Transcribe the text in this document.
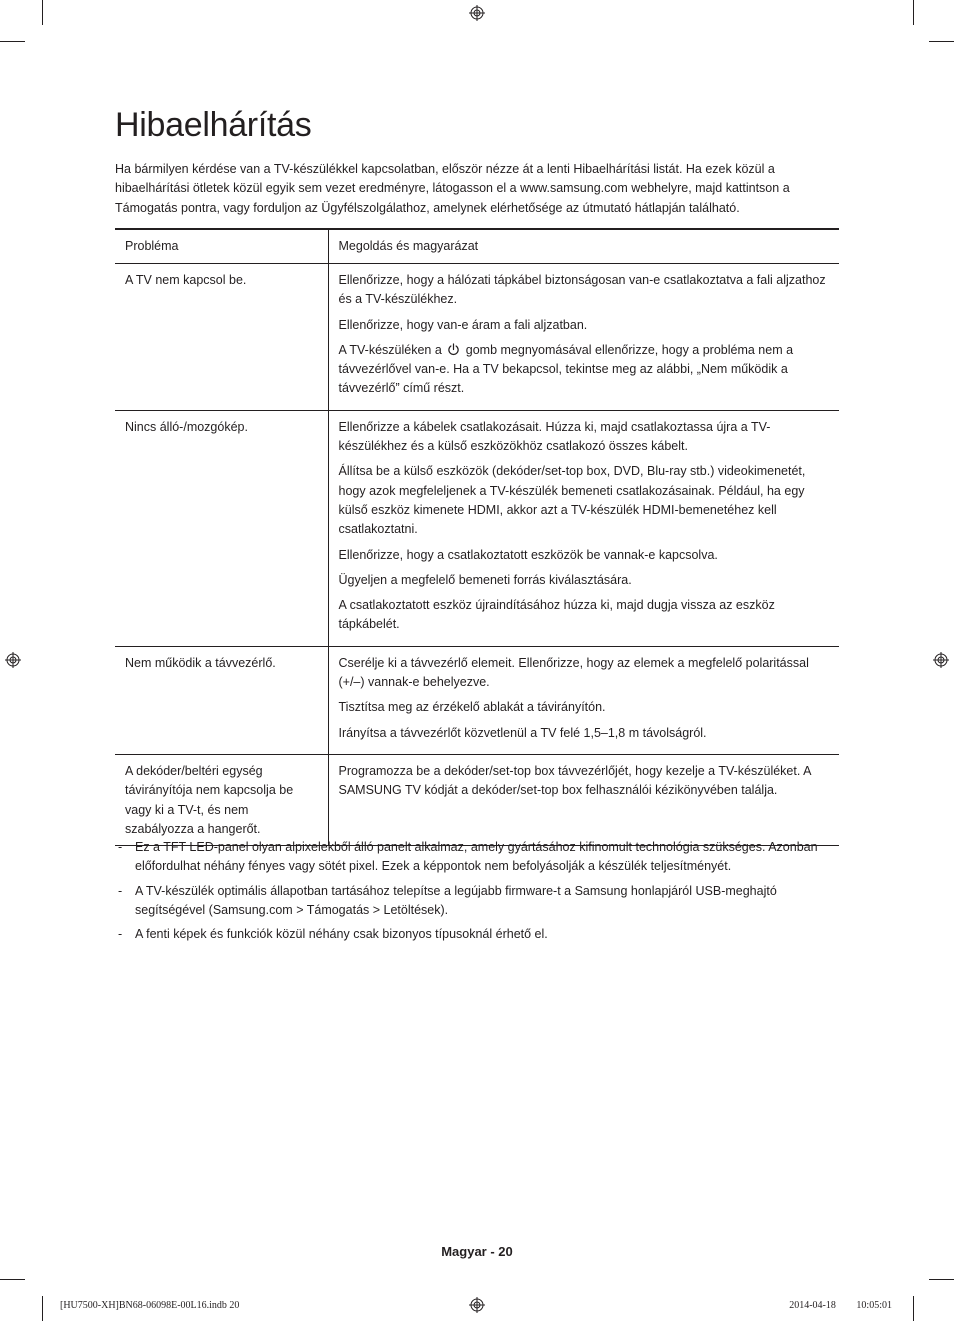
Hibaelhárítás

Ha bármilyen kérdése van a TV-készülékkel kapcsolatban, először nézze át a lenti Hibaelhárítási listát. Ha ezek közül a hibaelhárítási ötletek közül egyik sem vezet eredményre, látogasson el a www.samsung.com webhelyre, majd kattintson a Támogatás pontra, vagy forduljon az Ügyfélszolgálathoz, amelynek elérhetősége az útmutató hátlapján található.

Probléma	Megoldás és magyarázat
A TV nem kapcsol be.	Ellenőrizze, hogy a hálózati tápkábel biztonságosan van-e csatlakoztatva a fali aljzathoz és a TV-készülékhez.

Ellenőrizze, hogy van-e áram a fali aljzatban.

A TV-készüléken a gomb megnyomásával ellenőrizze, hogy a probléma nem a távvezérlővel van-e. Ha a TV bekapcsol, tekintse meg az alábbi, „Nem működik a távvezérlő” című részt.

Nincs álló-/mozgókép.	Ellenőrizze a kábelek csatlakozásait. Húzza ki, majd csatlakoztassa újra a TV-készülékhez és a külső eszközökhöz csatlakozó összes kábelt.

Állítsa be a külső eszközök (dekóder/set-top box, DVD, Blu-ray stb.) videokimenetét, hogy azok megfeleljenek a TV-készülék bemeneti csatlakozásainak. Például, ha egy külső eszköz kimenete HDMI, akkor azt a TV-készülék HDMI-bemenetéhez kell csatlakoztatni.

Ellenőrizze, hogy a csatlakoztatott eszközök be vannak-e kapcsolva.

Ügyeljen a megfelelő bemeneti forrás kiválasztására.

A csatlakoztatott eszköz újraindításához húzza ki, majd dugja vissza az eszköz tápkábelét.

Nem működik a távvezérlő.	Cserélje ki a távvezérlő elemeit. Ellenőrizze, hogy az elemek a megfelelő polaritással (+/–) vannak-e behelyezve.

Tisztítsa meg az érzékelő ablakát a távirányítón.

Irányítsa a távvezérlőt közvetlenül a TV felé 1,5–1,8 m távolságról.

A dekóder/beltéri egység távirányítója nem kapcsolja be vagy ki a TV-t, és nem szabályozza a hangerőt.	Programozza be a dekóder/set-top box távvezérlőjét, hogy kezelje a TV-készüléket. A SAMSUNG TV kódját a dekóder/set-top box felhasználói kézikönyvében találja.

- Ez a TFT LED-panel olyan alpixelekből álló panelt alkalmaz, amely gyártásához kifinomult technológia szükséges. Azonban előfordulhat néhány fényes vagy sötét pixel. Ezek a képpontok nem befolyásolják a készülék teljesítményét.
- A TV-készülék optimális állapotban tartásához telepítse a legújabb firmware-t a Samsung honlapjáról USB-meghajtó segítségével (Samsung.com > Támogatás > Letöltések).
- A fenti képek és funkciók közül néhány csak bizonyos típusoknál érhető el.
Magyar - 20
[HU7500-XH]BN68-06098E-00L16.indb 20	2014-04-18 ￿￿ 10:05:01
